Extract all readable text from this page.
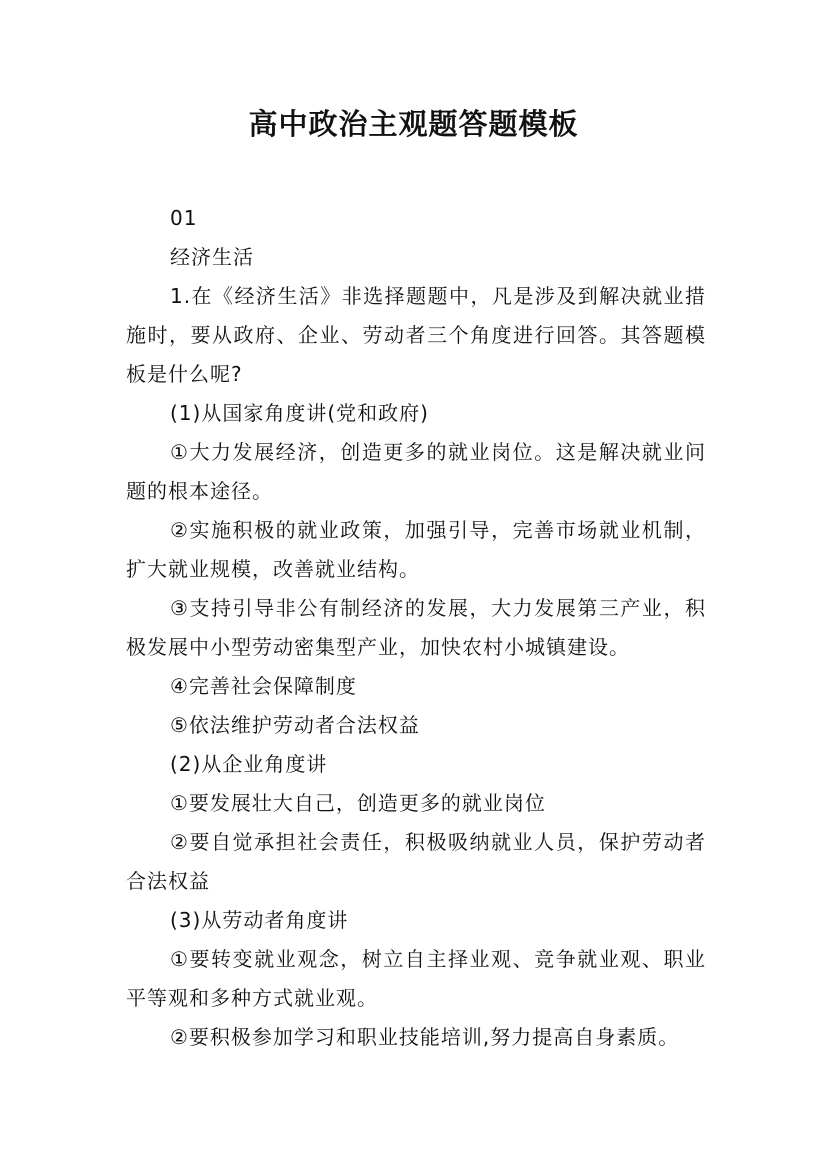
高中政治主观题答题模板

01

经济生活

1.在《经济生活》非选择题题中，凡是涉及到解决就业措施时，要从政府、企业、劳动者三个角度进行回答。其答题模板是什么呢?

(1)从国家角度讲(党和政府)

①大力发展经济，创造更多的就业岗位。这是解决就业问题的根本途径。

②实施积极的就业政策，加强引导，完善市场就业机制，扩大就业规模，改善就业结构。

③支持引导非公有制经济的发展，大力发展第三产业，积极发展中小型劳动密集型产业，加快农村小城镇建设。

④完善社会保障制度

⑤依法维护劳动者合法权益

(2)从企业角度讲

①要发展壮大自己，创造更多的就业岗位

②要自觉承担社会责任，积极吸纳就业人员，保护劳动者合法权益

(3)从劳动者角度讲

①要转变就业观念，树立自主择业观、竞争就业观、职业平等观和多种方式就业观。

②要积极参加学习和职业技能培训,努力提高自身素质。
